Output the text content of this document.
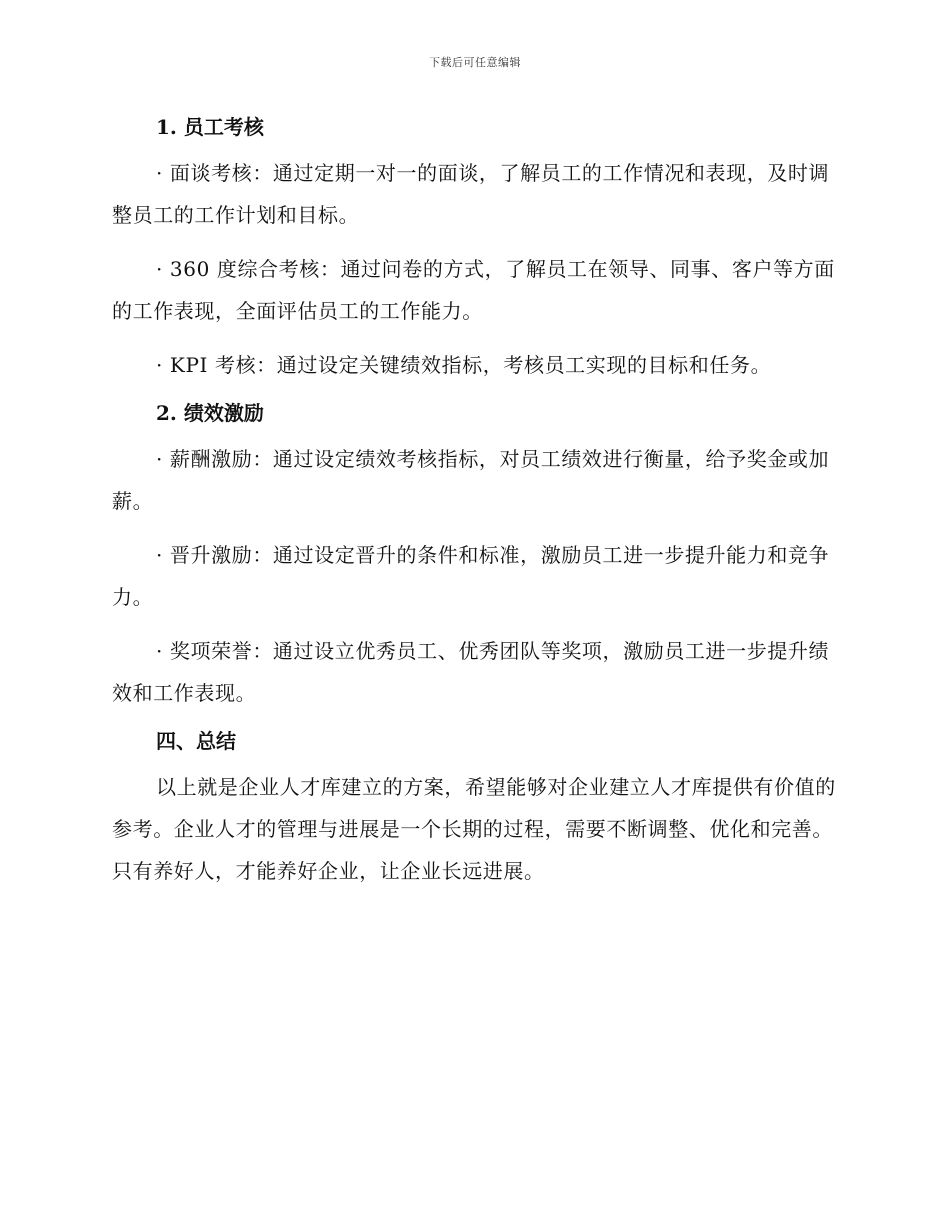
下载后可任意编辑
1. 员工考核

· 面谈考核：通过定期一对一的面谈，了解员工的工作情况和表现，及时调整员工的工作计划和目标。

· 360 度综合考核：通过问卷的方式，了解员工在领导、同事、客户等方面的工作表现，全面评估员工的工作能力。

· KPI 考核：通过设定关键绩效指标，考核员工实现的目标和任务。

2. 绩效激励

· 薪酬激励：通过设定绩效考核指标，对员工绩效进行衡量，给予奖金或加薪。

· 晋升激励：通过设定晋升的条件和标准，激励员工进一步提升能力和竞争力。

· 奖项荣誉：通过设立优秀员工、优秀团队等奖项，激励员工进一步提升绩效和工作表现。

四、总结

以上就是企业人才库建立的方案，希望能够对企业建立人才库提供有价值的参考。企业人才的管理与进展是一个长期的过程，需要不断调整、优化和完善。只有养好人，才能养好企业，让企业长远进展。
